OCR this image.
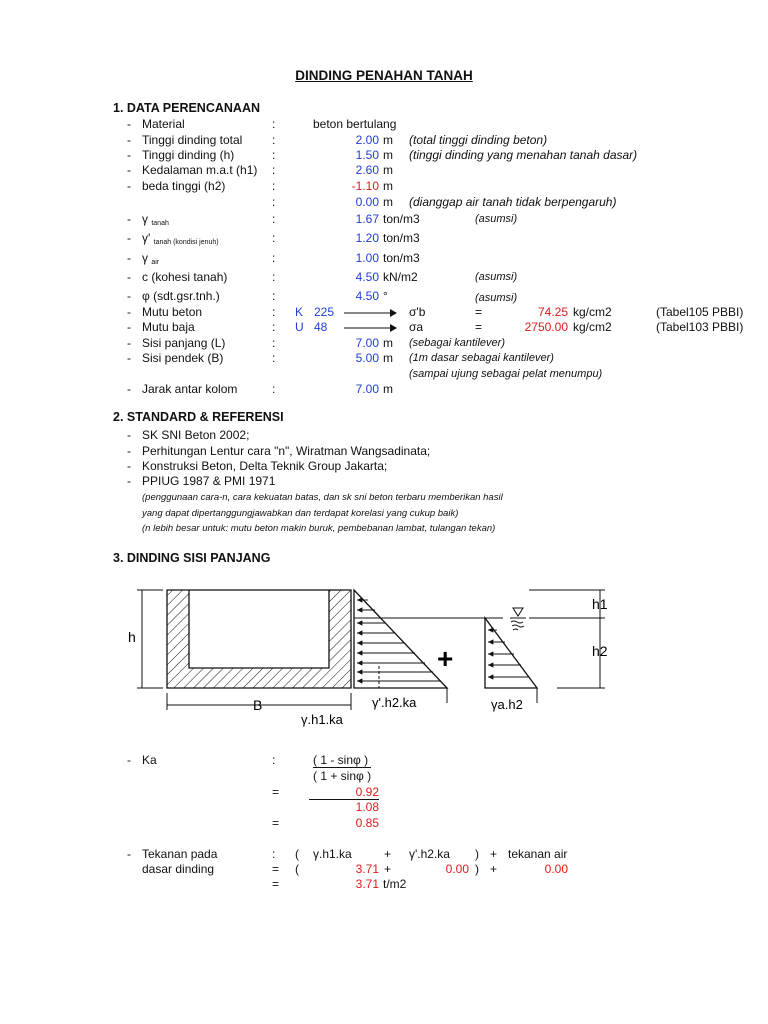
DINDING PENAHAN TANAH
1. DATA PERENCANAAN
- Material	:	beton bertulang
- Tinggi dinding total :	2.00 m (total tinggi dinding beton)
- Tinggi dinding (h)	:	1.50 m (tinggi dinding yang menahan tanah dasar)
- Kedalaman m.a.t (h1) :	2.60 m
- beda tinggi (h2)	:	-1.10 m
:	0.00 m (dianggap air tanah tidak berpengaruh)
- γ $_{tanah}$	:	1.67 ton/m3	(asumsi)
- γ' $_{tanah (kondisi jenuh)}$	:	1.20 ton/m3
- γ $_{air}$	:	1.00 ton/m3
- c (kohesi tanah)	:	4.50 kN/m2	(asumsi)
- φ (sdt.gsr.tnh.)	:	4.50 °	(asumsi)
- Mutu beton	: K 225	σ'b	=	74.25 kg/cm2	(Tabel105 PBBI)
- Mutu baja	: U 48	σa	=	2750.00 kg/cm2	(Tabel103 PBBI)
- Sisi panjang (L)	:	7.00 m (sebagai kantilever)
- Sisi pendek (B)	:	5.00 m (1m dasar sebagai kantilever)
(sampai ujung sebagai pelat menumpu)
- Jarak antar kolom	:	7.00 m
2. STANDARD & REFERENSI
- SK SNI Beton 2002;
- Perhitungan Lentur cara "n", Wiratman Wangsadinata;
- Konstruksi Beton, Delta Teknik Group Jakarta;
- PPIUG 1987 & PMI 1971
(penggunaan cara-n, cara kekuatan batas, dan sk sni beton terbaru memberikan hasil
yang dapat dipertanggungjawabkan dan terdapat korelasi yang cukup baik)
(n lebih besar untuk: mutu beton makin buruk, pembebanan lambat, tulangan tekan)
3. DINDING SISI PANJANG
h
B	γ'.h2.ka
γ.h1.ka
+
γa.h2
h1
h2
- Ka	:	( 1 - sinφ )
( 1 + sinφ )
=	0.92
1.08
=	0.85
- Tekanan pada	: ( γ.h1.ka	+ γ'.h2.ka ) + tekanan air
dasar dinding	= (	3.71 +	0.00 ) +	0.00
=	3.71 t/m2
